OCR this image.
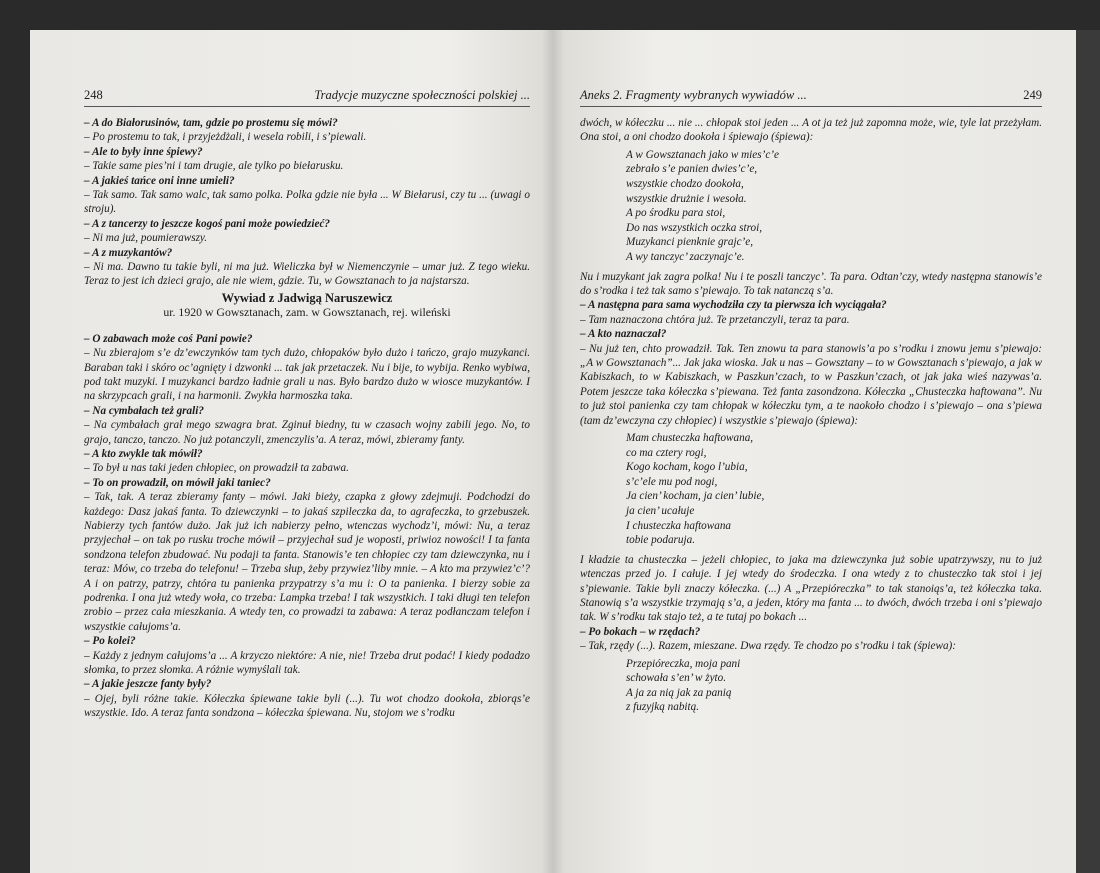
248	Tradycje muzyczne społeczności polskiej ...

– A do Białorusinów, tam, gdzie po prostemu się mówi?

– Po prostemu to tak, i przyjeżdżali, i wesela robili, i s’piewali.

– Ale to były inne śpiewy?

– Takie same pies’ni i tam drugie, ale tylko po biełarusku.

– A jakieś tańce oni inne umieli?

– Tak samo. Tak samo walc, tak samo polka. Polka gdzie nie była ... W Biełarusi, czy tu ... (uwagi o stroju).

– A z tancerzy to jeszcze kogoś pani może powiedzieć?

– Ni ma już, poumierawszy.

– A z muzykantów?

– Ni ma. Dawno tu takie byli, ni ma już. Wieliczka był w Niemenczynie – umar już. Z tego wieku. Teraz to jest ich dzieci grajo, ale nie wiem, gdzie. Tu, w Gowsztanach to ja najstarsza.

Wywiad z Jadwigą Naruszewicz
ur. 1920 w Gowsztanach, zam. w Gowsztanach, rej. wileński

– O zabawach może coś Pani powie?

– Nu zbierajom s’e dz’ewczynków tam tych dużo, chłopaków było dużo i tańczo, grajo muzykanci. Baraban taki i skóro oc’agnięty i dzwonki ... tak jak przetaczek. Nu i bije, to wybija. Renko wybiwa, pod takt muzyki. I muzykanci bardzo ładnie grali u nas. Było bardzo dużo w wiosce muzykantów. I na skrzypcach grali, i na harmonii. Zwykła harmoszka taka.

– Na cymbałach też grali?

– Na cymbałach grał mego szwagra brat. Zginuł biedny, tu w czasach wojny zabili jego. No, to grajo, tanczo, tanczo. No już potanczyli, zmenczylis’a. A teraz, mówi, zbieramy fanty.

– A kto zwykle tak mówił?

– To był u nas taki jeden chłopiec, on prowadził ta zabawa.

– To on prowadził, on mówił jaki taniec?

– Tak, tak. A teraz zbieramy fanty – mówi. Jaki bieży, czapka z głowy zdejmuji. Podchodzi do każdego: Dasz jakaś fanta. To dziewczynki – to jakaś szpileczka da, to agrafeczka, to grzebuszek. Nabierzy tych fantów dużo. Jak już ich nabierzy pełno, wtenczas wychodz’i, mówi: Nu, a teraz przyjechał – on tak po rusku troche mówił – przyjechał sud je woposti, priwioz nowości! I ta fanta sondzona telefon zbudować. Nu podaji ta fanta. Stanowis’e ten chłopiec czy tam dziewczynka, nu i teraz: Mów, co trzeba do telefonu! – Trzeba słup, żeby przywiez’liby mnie. – A kto ma przywiez’c’? A i on patrzy, patrzy, chtóra tu panienka przypatrzy s’a mu i: O ta panienka. I bierzy sobie za podrenka. I ona już wtedy woła, co trzeba: Lampka trzeba! I tak wszystkich. I taki długi ten telefon zrobio – przez cała mieszkania. A wtedy ten, co prowadzi ta zabawa: A teraz podłanczam telefon i wszystkie całujoms’a.

– Po kolei?

– Każdy z jednym całujoms’a ... A krzyczo niektóre: A nie, nie! Trzeba drut podać! I kiedy podadzo słomka, to przez słomka. A różnie wymyślali tak.

– A jakie jeszcze fanty były?

– Ojej, byli różne takie. Kółeczka śpiewane takie byli (...). Tu wot chodzo dookoła, zbiorąs’e wszystkie. Ido. A teraz fanta sondzona – kółeczka śpiewana. Nu, stojom we s’rodku

Aneks 2. Fragmenty wybranych wywiadów ...	249

dwóch, w kółeczku ... nie ... chłopak stoi jeden ... A ot ja też już zapomna może, wie, tyle lat przeżyłam. Ona stoi, a oni chodzo dookoła i śpiewajo (śpiewa):

A w Gowsztanach jako w mies’c’e
zebrało s’e panien dwies’c’e,
wszystkie chodzo dookoła,
wszystkie drużnie i wesoła.
A po środku para stoi,
Do nas wszystkich oczka stroi,
Muzykanci pienknie grajc’e,
A wy tanczyc’ zaczynajc’e.

Nu i muzykant jak zagra polka! Nu i te poszli tanczyc’. Ta para. Odtan’czy, wtedy następna stanowis’e do s’rodka i też tak samo s’piewajo. To tak natanczą s’a.

– A następna para sama wychodziła czy ta pierwsza ich wyciągała?

– Tam naznaczona chtóra już. Te przetanczyli, teraz ta para.

– A kto naznaczał?

– Nu już ten, chto prowadził. Tak. Ten znowu ta para stanowis’a po s’rodku i znowu jemu s’piewajo: „A w Gowsztanach”... Jak jaka wioska. Jak u nas – Gowsztany – to w Gowsztanach s’piewajo, a jak w Kabiszkach, to w Kabiszkach, w Paszkun’czach, to w Paszkun’czach, ot jak jaka wieś nazywas’a. Potem jeszcze taka kółeczka s’piewana. Też fanta zasondzona. Kółeczka „Chusteczka haftowana”. Nu to już stoi panienka czy tam chłopak w kółeczku tym, a te naokoło chodzo i s’piewajo – ona s’piewa (tam dz’ewczyna czy chłopiec) i wszystkie s’piewajo (śpiewa):

Mam chusteczka haftowana,
co ma cztery rogi,
Kogo kocham, kogo l’ubia,
s’c’ele mu pod nogi,
Ja cien’ kocham, ja cien’ lubie,
ja cien’ ucałuje
I chusteczka haftowana
tobie podaruja.

I kładzie ta chusteczka – jeżeli chłopiec, to jaka ma dziewczynka już sobie upatrzywszy, nu to już wtenczas przed jo. I całuje. I jej wtedy do środeczka. I ona wtedy z to chusteczko tak stoi i jej s’piewanie. Takie byli znaczy kółeczka. (...) A „Przepióreczka” to tak stanoiąs’a, też kółeczka taka. Stanowią s’a wszystkie trzymają s’a, a jeden, który ma fanta ... to dwóch, dwóch trzeba i oni s’piewajo tak. W s’rodku tak stajo też, a te tutaj po bokach ...

– Po bokach – w rzędach?

– Tak, rzędy (...). Razem, mieszane. Dwa rzędy. Te chodzo po s’rodku i tak (śpiewa):

Przepióreczka, moja pani
schowała s’en’ w żyto.
A ja za nią jak za panią
z fuzyjką nabitą.
